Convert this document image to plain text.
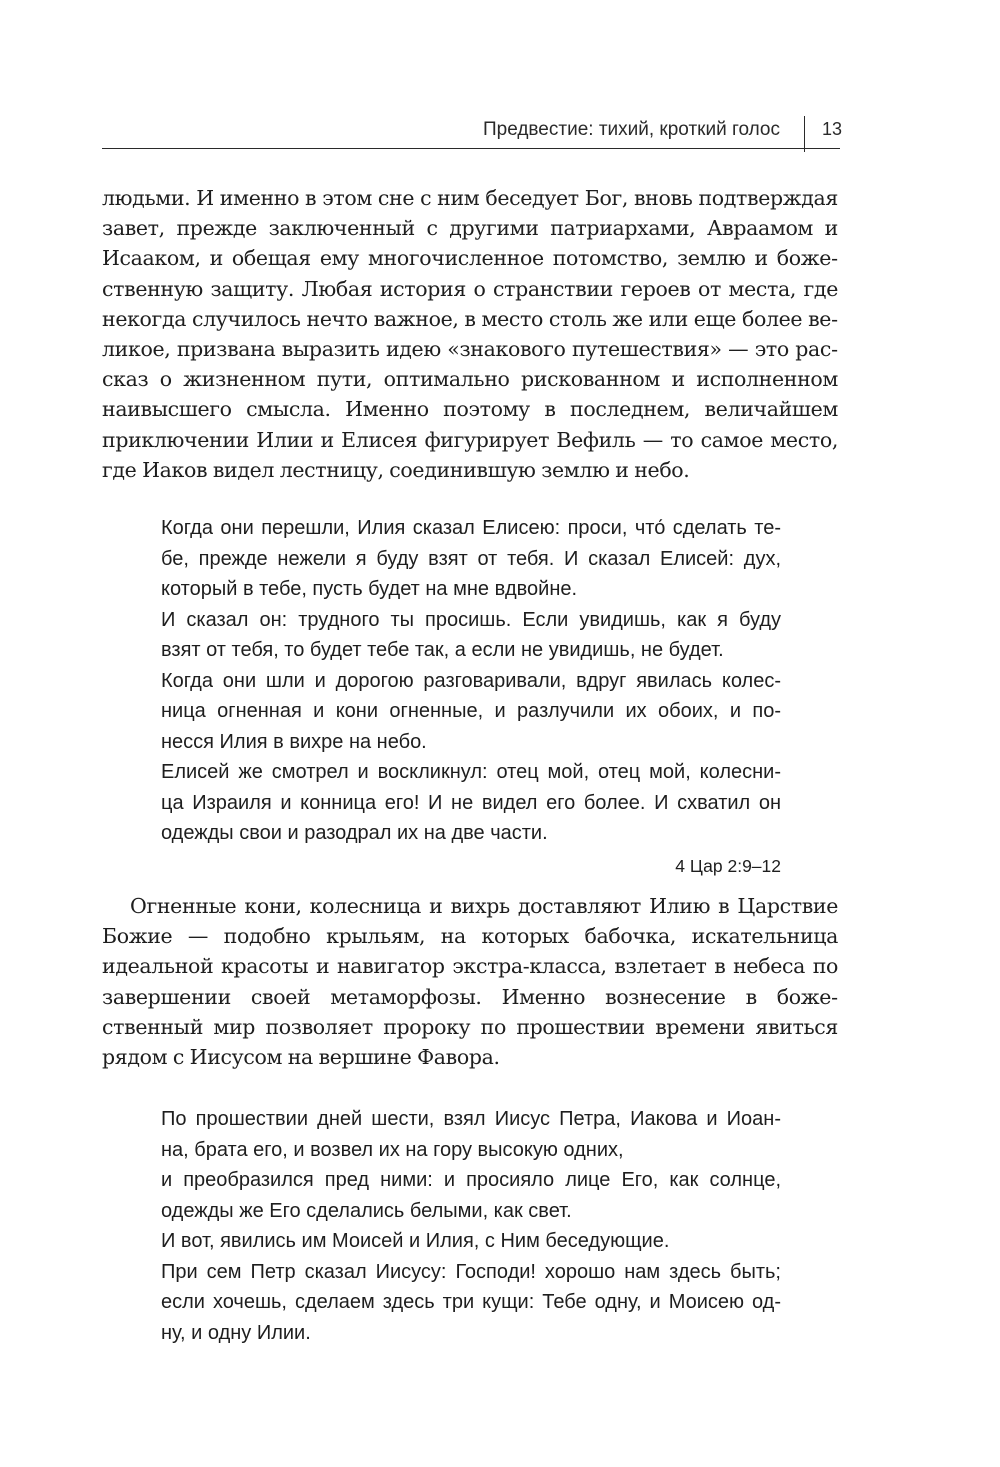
Предвестие: тихий, кроткий голос 13

людьми. И именно в этом сне с ним беседует Бог, вновь подтверждая завет, прежде заключенный с другими патриархами, Авраамом и Исааком, и обещая ему многочисленное потомство, землю и божественную защиту. Любая история о странствии героев от места, где некогда случилось нечто важное, в место столь же или еще более великое, призвана выразить идею «знакового путешествия» — это рассказ о жизненном пути, оптимально рискованном и исполненном наивысшего смысла. Именно поэтому в последнем, величайшем приключении Илии и Елисея фигурирует Вефиль — то самое место, где Иаков видел лестницу, соединившую землю и небо.

Когда они перешли, Илия сказал Елисею: проси, что́ сделать те-
бе, прежде нежели я буду взят от тебя. И сказал Елисей: дух,
который в тебе, пусть будет на мне вдвойне.
И сказал он: трудного ты просишь. Если увидишь, как я буду
взят от тебя, то будет тебе так, а если не увидишь, не будет.
Когда они шли и дорогою разговаривали, вдруг явилась колес-
ница огненная и кони огненные, и разлучили их обоих, и по-
несся Илия в вихре на небо.
Елисей же смотрел и воскликнул: отец мой, отец мой, колесни-
ца Израиля и конница его! И не видел его более. И схватил он
одежды свои и разодрал их на две части.
4 Цар 2:9–12

Огненные кони, колесница и вихрь доставляют Илию в Царствие Божие — подобно крыльям, на которых бабочка, искательница идеальной красоты и навигатор экстра-класса, взлетает в небеса по завершении своей метаморфозы. Именно вознесение в божественный мир позволяет пророку по прошествии времени явиться рядом с Иисусом на вершине Фавора.

По прошествии дней шести, взял Иисус Петра, Иакова и Иоан-
на, брата его, и возвел их на гору высокую одних,
и преобразился пред ними: и просияло лице Его, как солнце,
одежды же Его сделались белыми, как свет.
И вот, явились им Моисей и Илия, с Ним беседующие.
При сем Петр сказал Иисусу: Господи! хорошо нам здесь быть;
если хочешь, сделаем здесь три кущи: Тебе одну, и Моисею од-
ну, и одну Илии.
